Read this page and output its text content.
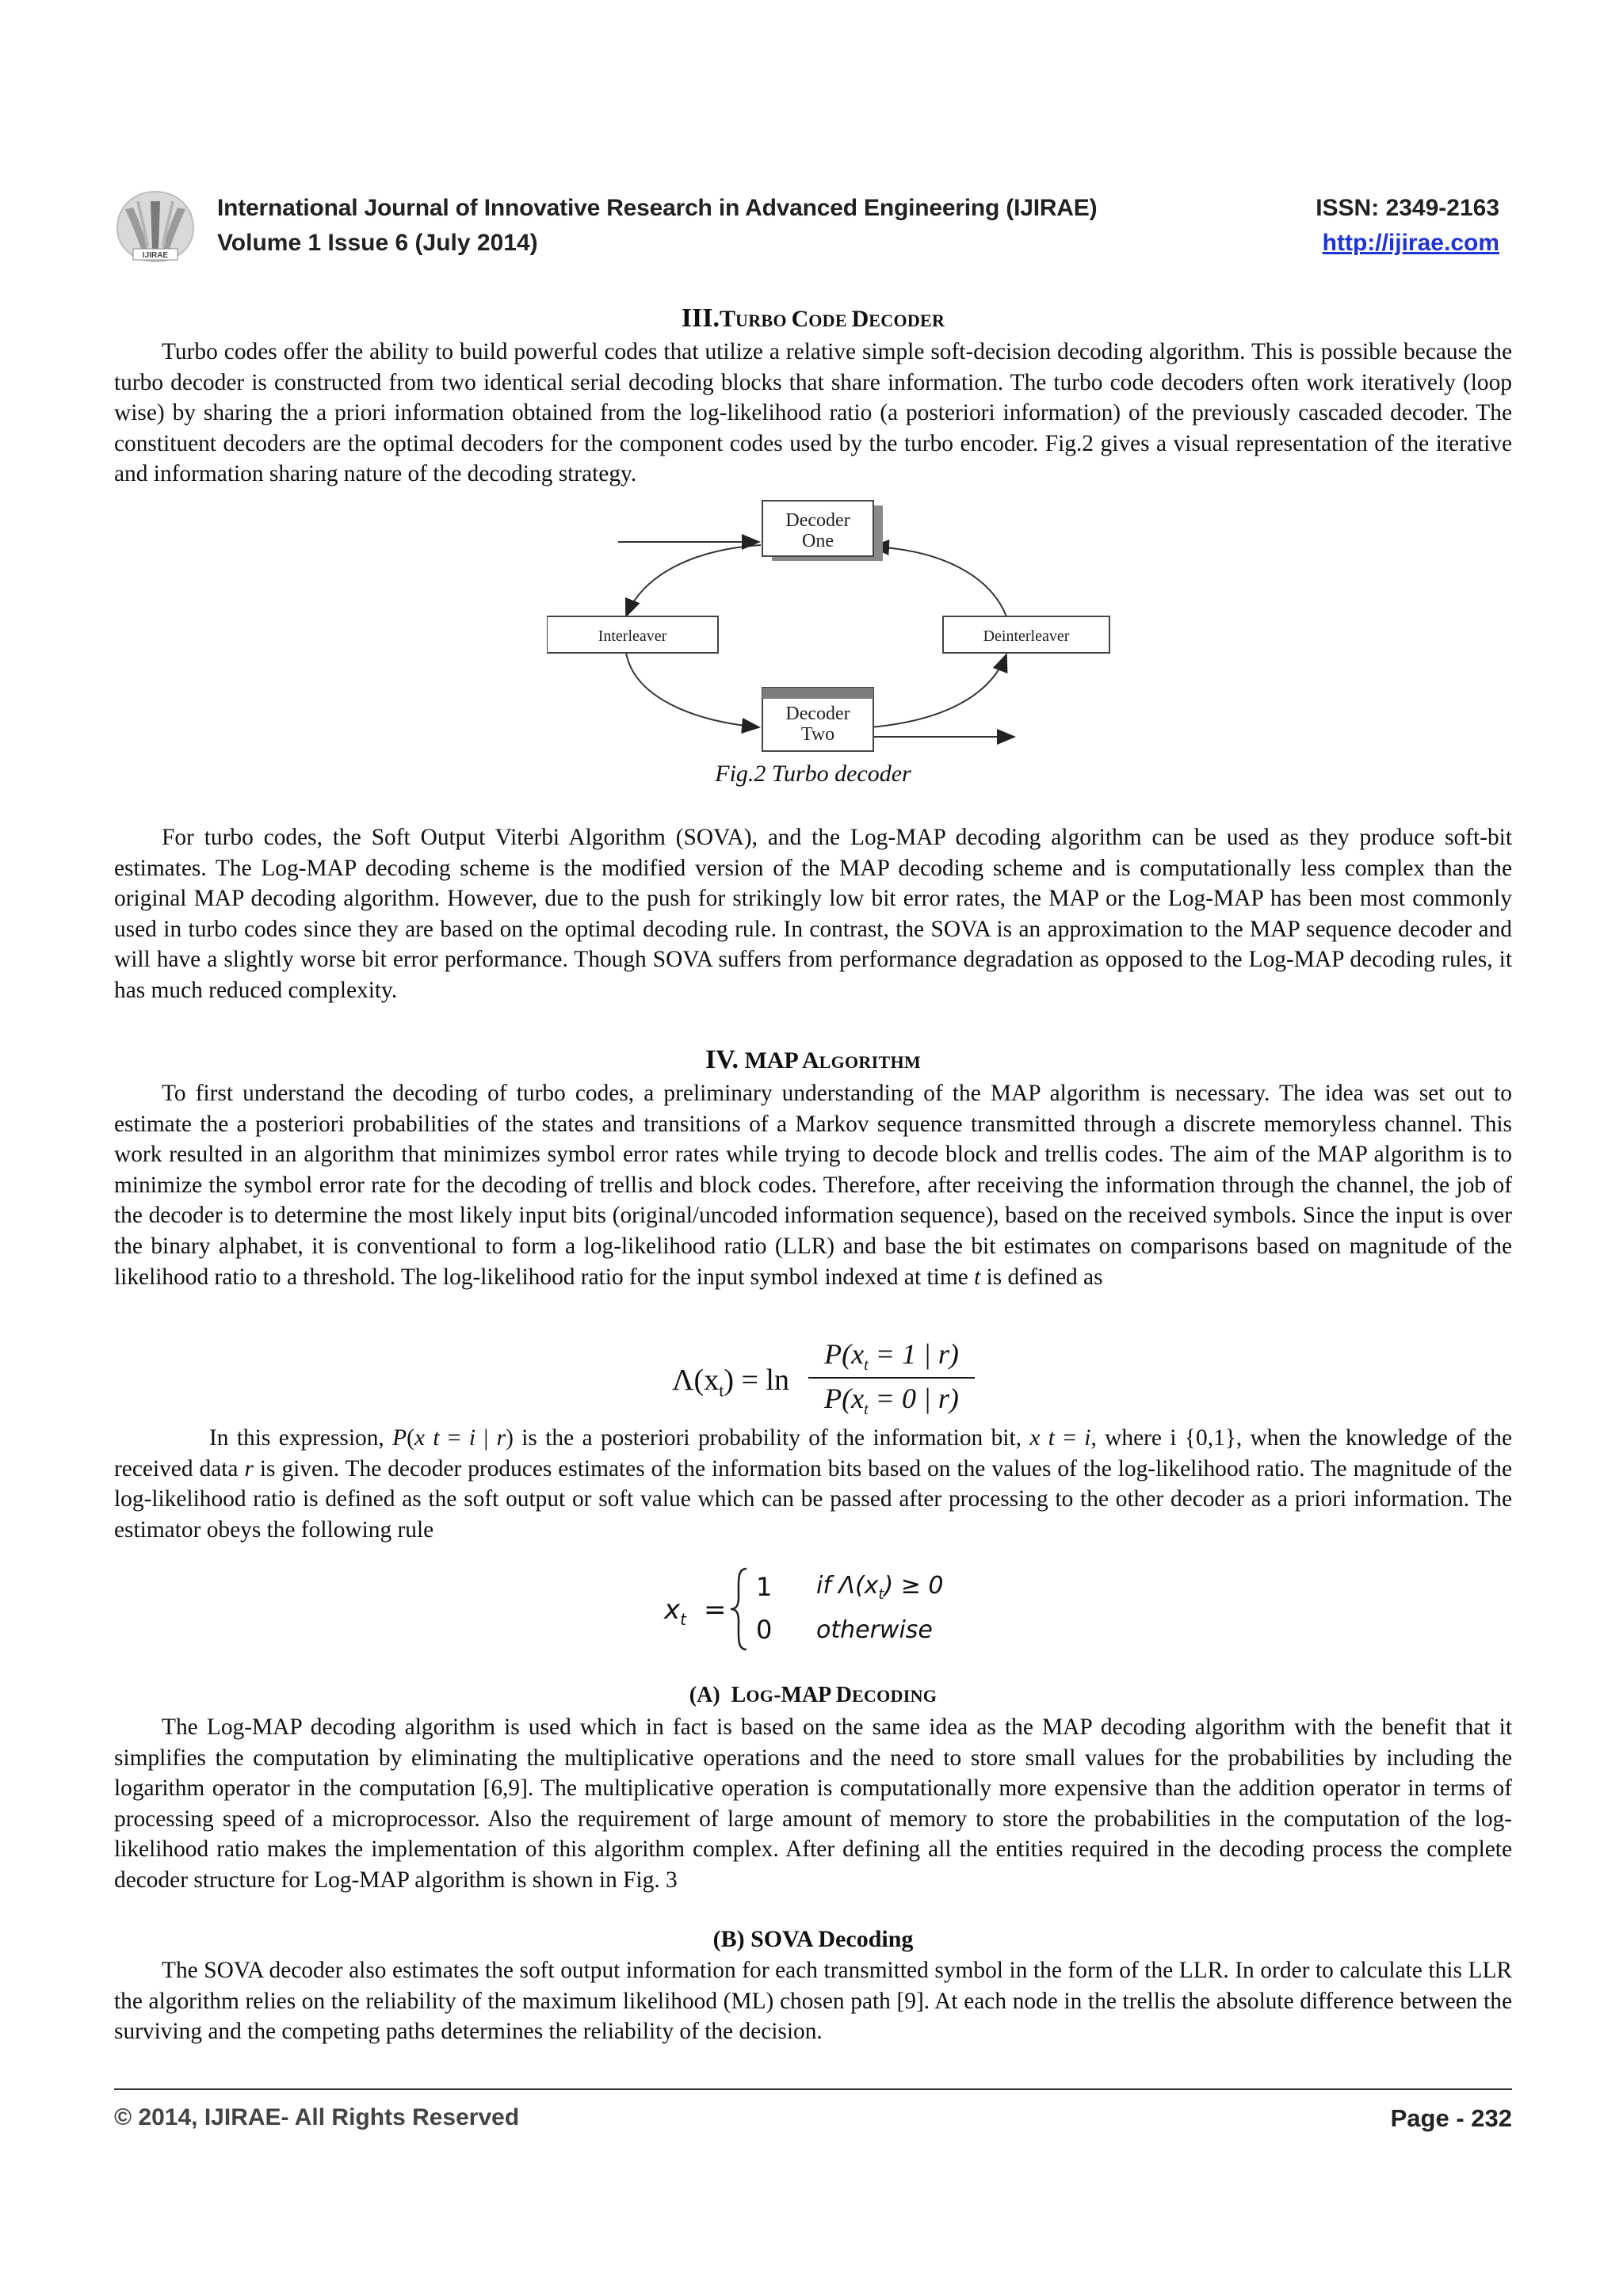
IJIRAE
International Journal of Innovative Research in Advanced Engineering (IJIRAE)
Volume 1 Issue 6 (July 2014)
ISSN: 2349-2163
http://ijirae.com
III.TURBO CODE DECODER

Turbo codes offer the ability to build powerful codes that utilize a relative simple soft-decision decoding algorithm. This is possible because the turbo decoder is constructed from two identical serial decoding blocks that share information. The turbo code decoders often work iteratively (loop wise) by sharing the a priori information obtained from the log-likelihood ratio (a posteriori information) of the previously cascaded decoder. The constituent decoders are the optimal decoders for the component codes used by the turbo encoder. Fig.2 gives a visual representation of the iterative and information sharing nature of the decoding strategy.

Decoder
One
Interleaver	Deinterleaver
Decoder
Two
Fig.2 Turbo decoder

For turbo codes, the Soft Output Viterbi Algorithm (SOVA), and the Log-MAP decoding algorithm can be used as they produce soft-bit estimates. The Log-MAP decoding scheme is the modified version of the MAP decoding scheme and is computationally less complex than the original MAP decoding algorithm. However, due to the push for strikingly low bit error rates, the MAP or the Log-MAP has been most commonly used in turbo codes since they are based on the optimal decoding rule. In contrast, the SOVA is an approximation to the MAP sequence decoder and will have a slightly worse bit error performance. Though SOVA suffers from performance degradation as opposed to the Log-MAP decoding rules, it has much reduced complexity.

IV. MAP ALGORITHM

To first understand the decoding of turbo codes, a preliminary understanding of the MAP algorithm is necessary. The idea was set out to estimate the a posteriori probabilities of the states and transitions of a Markov sequence transmitted through a discrete memoryless channel. This work resulted in an algorithm that minimizes symbol error rates while trying to decode block and trellis codes. The aim of the MAP algorithm is to minimize the symbol error rate for the decoding of trellis and block codes. Therefore, after receiving the information through the channel, the job of the decoder is to determine the most likely input bits (original/uncoded information sequence), based on the received symbols. Since the input is over the binary alphabet, it is conventional to form a log-likelihood ratio (LLR) and base the bit estimates on comparisons based on magnitude of the likelihood ratio to a threshold. The log-likelihood ratio for the input symbol indexed at time t is defined as

$\Lambda(x_t) = \ln$
$P(x_t = 1$ | r)
$P(x_t = 0$ | r)

In this expression, P(x t = i | r) is the a posteriori probability of the information bit, x t = i, where i {0,1}, when the knowledge of the received data r is given. The decoder produces estimates of the information bits based on the values of the log-likelihood ratio. The magnitude of the log-likelihood ratio is defined as the soft output or soft value which can be passed after processing to the other decoder as a priori information. The estimator obeys the following rule

$x_t$ =
1 if $\Lambda(x_t) \ge 0$
0 otherwise
(A) LOG-MAP DECODING

The Log-MAP decoding algorithm is used which in fact is based on the same idea as the MAP decoding algorithm with the benefit that it simplifies the computation by eliminating the multiplicative operations and the need to store small values for the probabilities by including the logarithm operator in the computation [6,9]. The multiplicative operation is computationally more expensive than the addition operator in terms of processing speed of a microprocessor. Also the requirement of large amount of memory to store the probabilities in the computation of the log-likelihood ratio makes the implementation of this algorithm complex. After defining all the entities required in the decoding process the complete decoder structure for Log-MAP algorithm is shown in Fig. 3

(B) SOVA Decoding

The SOVA decoder also estimates the soft output information for each transmitted symbol in the form of the LLR. In order to calculate this LLR the algorithm relies on the reliability of the maximum likelihood (ML) chosen path [9]. At each node in the trellis the absolute difference between the surviving and the competing paths determines the reliability of the decision.

© 2014, IJIRAE- All Rights Reserved	Page - 232
